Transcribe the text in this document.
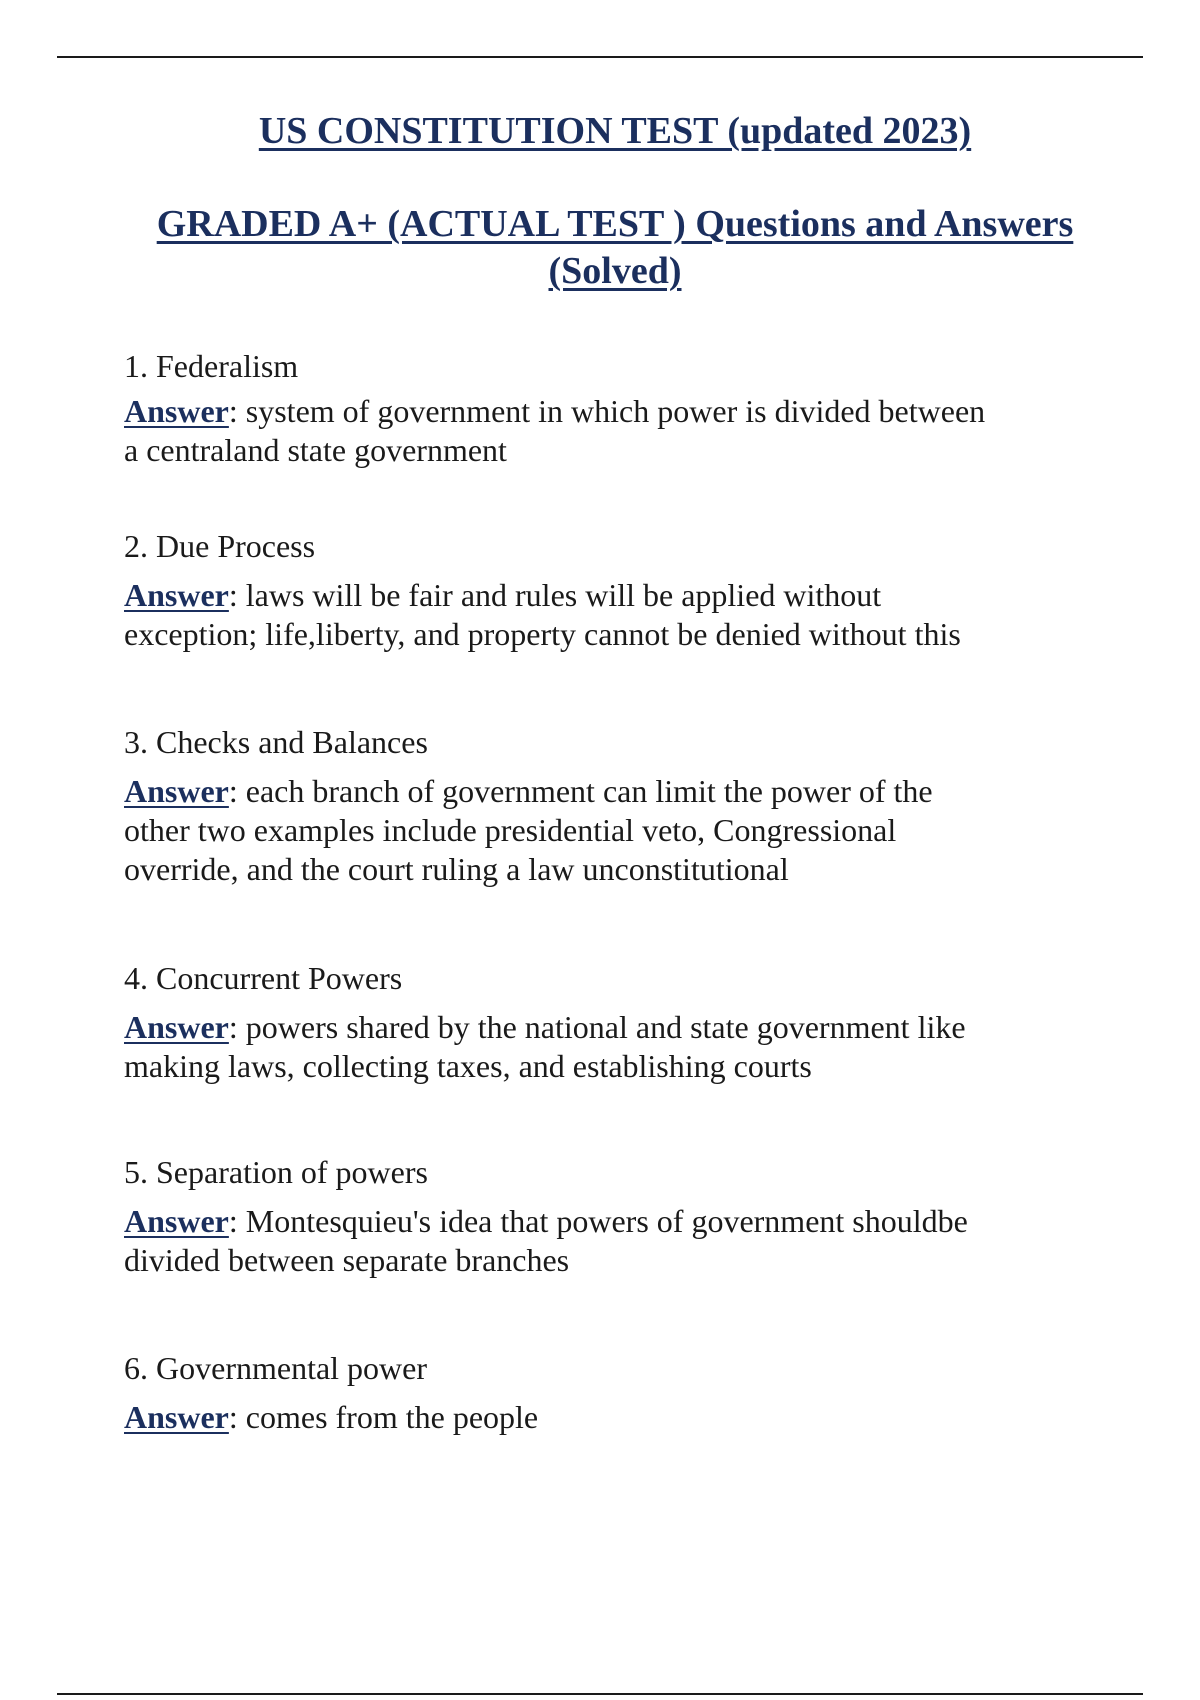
US CONSTITUTION TEST (updated 2023)
GRADED A+ (ACTUAL TEST ) Questions and Answers
(Solved)
1. Federalism
Answer: system of government in which power is divided between
a centraland state government
2. Due Process
Answer: laws will be fair and rules will be applied without
exception; life,liberty, and property cannot be denied without this
3. Checks and Balances
Answer: each branch of government can limit the power of the
other two examples include presidential veto, Congressional
override, and the court ruling a law unconstitutional
4. Concurrent Powers
Answer: powers shared by the national and state government like
making laws, collecting taxes, and establishing courts
5. Separation of powers
Answer: Montesquieu's idea that powers of government shouldbe
divided between separate branches
6. Governmental power
Answer: comes from the people
